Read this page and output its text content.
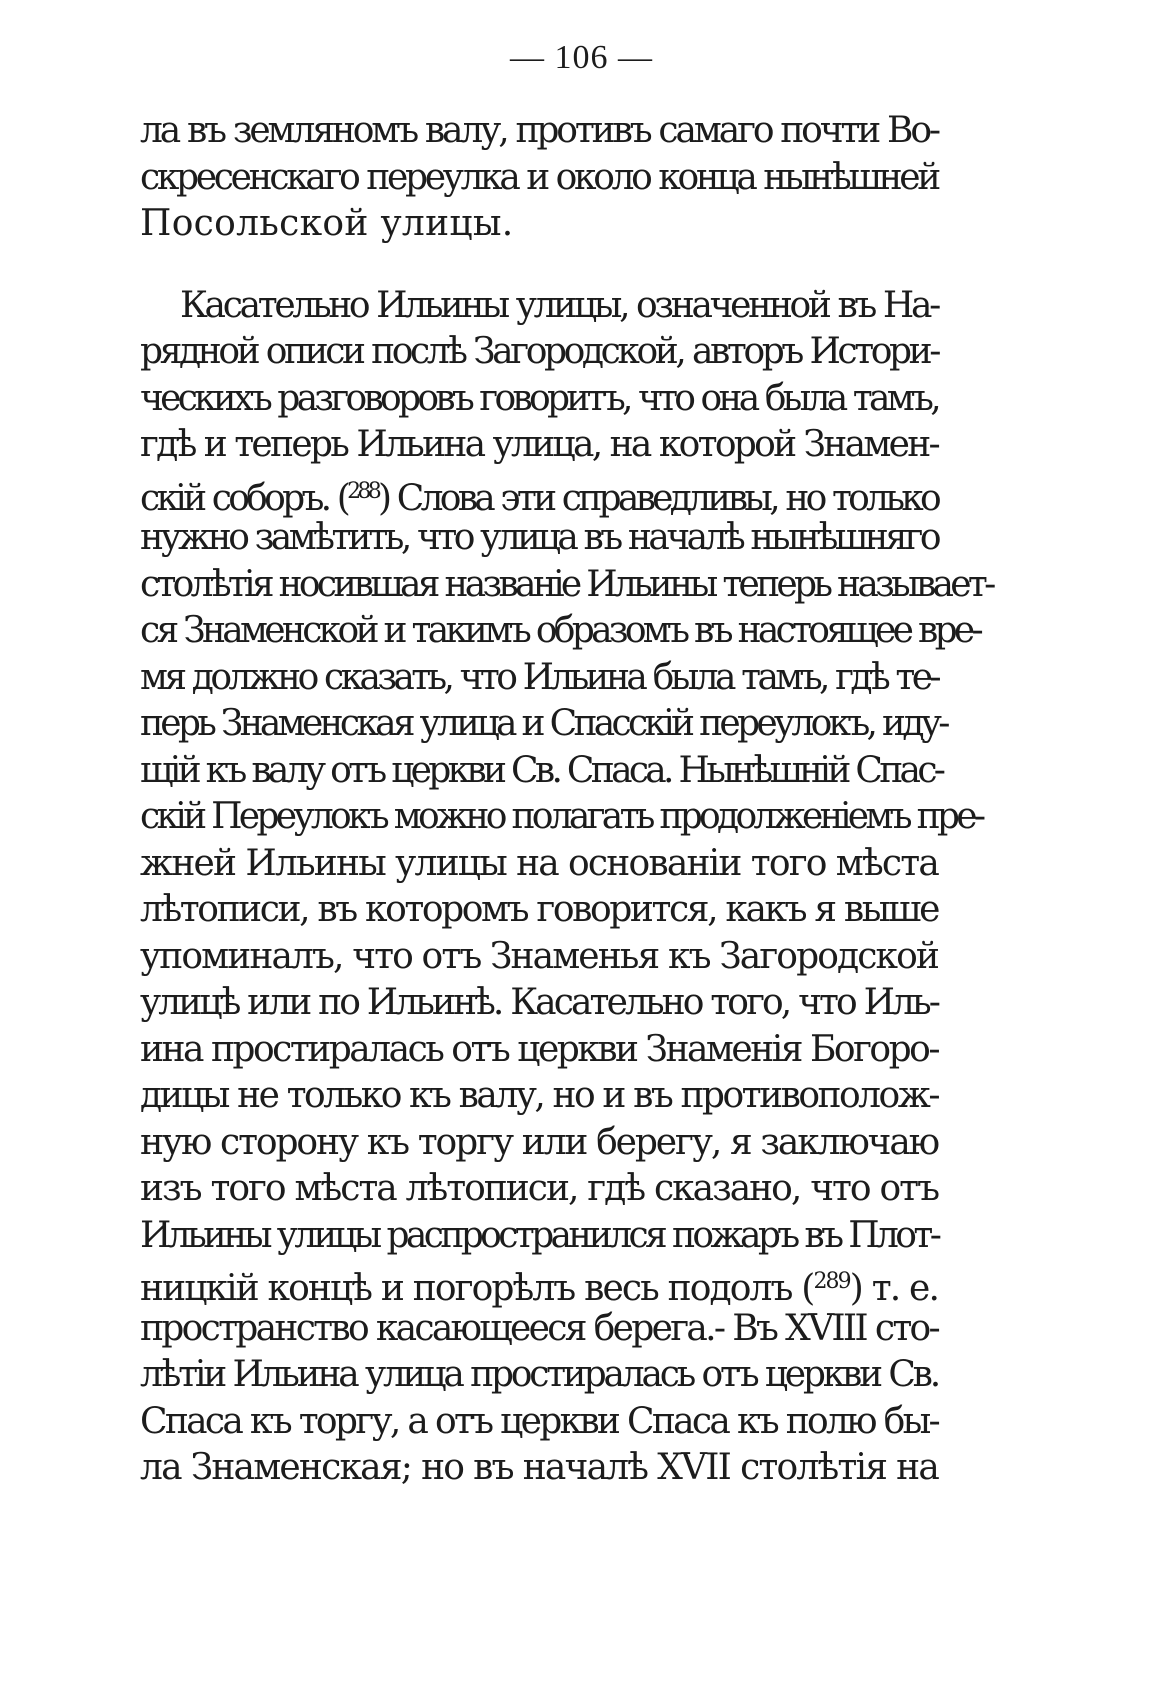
— 106 —
ла въ земляномъ валу, противъ самаго почти Во-
скресенскаго переулка и около конца нынѣшней
Посольской улицы.
Касательно Ильины улицы, означенной въ На-
рядной описи послѣ Загородской, авторъ Истори-
ческихъ разговоровъ говоритъ, что она была тамъ,
гдѣ и теперь Ильина улица, на которой Знамен-
скій соборъ. ($^{288}$) Слова эти справедливы, но только
нужно замѣтить, что улица въ началѣ нынѣшняго
столѣтія носившая названіе Ильины теперь называет-
ся Знаменской и такимъ образомъ въ настоящее вре-
мя должно сказать, что Ильина была тамъ, гдѣ те-
перь Знаменская улица и Спасскій переулокъ, иду-
щій къ валу отъ церкви Св. Спаса. Нынѣшній Спас-
скій Переулокъ можно полагать продолженіемъ пре-
жней Ильины улицы на основаніи того мѣста
лѣтописи, въ которомъ говорится, какъ я выше
упоминалъ, что отъ Знаменья къ Загородской
улицѣ или по Ильинѣ. Касательно того, что Иль-
ина простиралась отъ церкви Знаменія Богоро-
дицы не только къ валу, но и въ противополож-
ную сторону къ торгу или берегу, я заключаю
изъ того мѣста лѣтописи, гдѣ сказано, что отъ
Ильины улицы распространился пожаръ въ Плот-
ницкій концѣ и погорѣлъ весь подолъ ($^{289}$) т. е.
пространство касающееся берега.- Въ XVIII сто-
лѣтіи Ильина улица простиралась отъ церкви Св.
Спаса къ торгу, а отъ церкви Спаса къ полю бы-
ла Знаменская; но въ началѣ XVII столѣтія на
